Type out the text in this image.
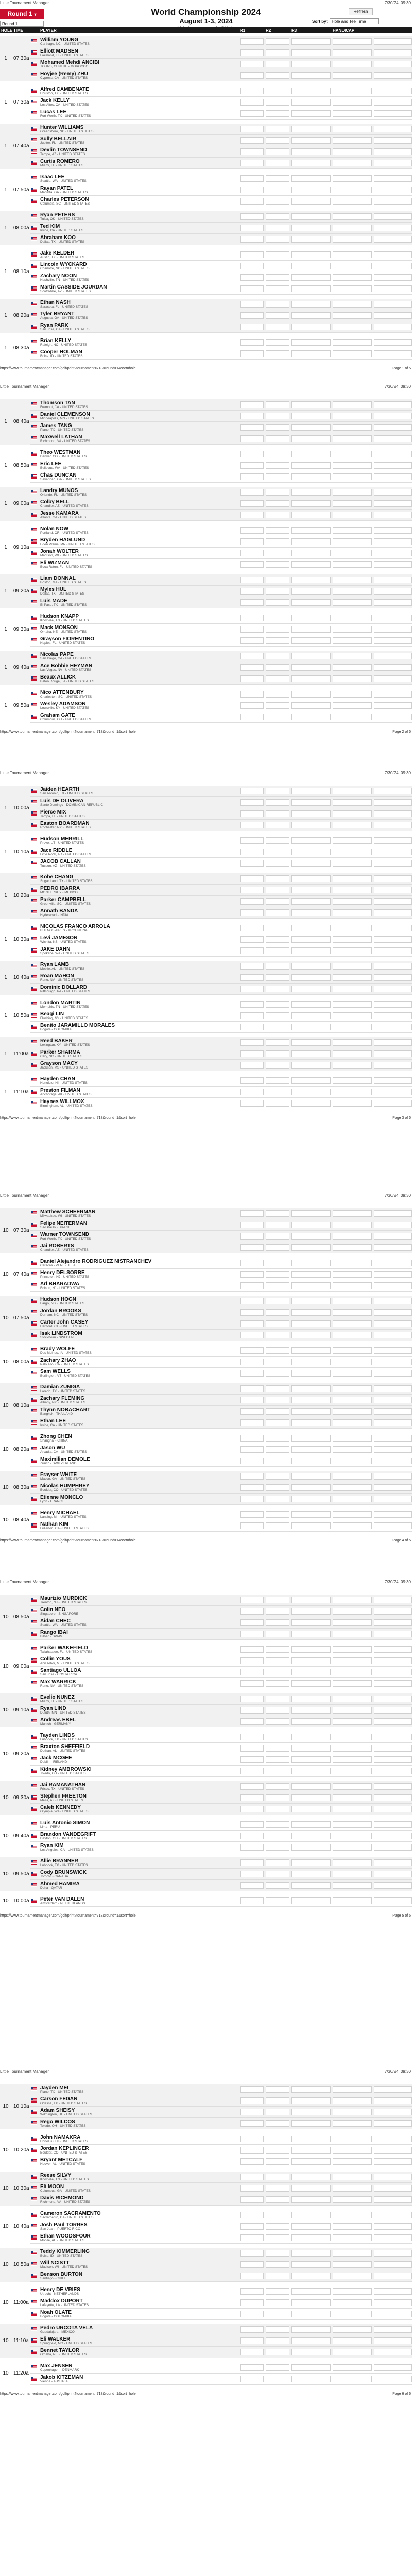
Little Tournament Manager	7/30/24, 09:30
Round 1 ▾
Round 1
World Championship 2024
August 1-3, 2024
Refresh
Sort by: Hole and Tee Time
HOLE TIME	PLAYER	R1	R2	R3	HANDICAP
1	07:30a
William YOUNG
Carthage, NC - UNITED STATES
Elliott MADSEN
Lakeland, FL - UNITED STATES
Mohamed Mehdi ANCIBI
TOURS, CENTRE - MOROCCO
Hoyjee (Remy) ZHU
Cypress, CA - UNITED STATES
1	07:30a
Alfred CAMBENATE
Houston, TX - UNITED STATES
Jack KELLY
Los Altos, CA - UNITED STATES
Lucas LEE
Fort Worth, TX - UNITED STATES
1	07:40a
Hunter WILLIAMS
Greensboro, NC - UNITED STATES
Sully BELLAIR
Jupiter, FL - UNITED STATES
Devlin TOWNSEND
Tempe, AZ - UNITED STATES
Curtis ROMERO
Miami, FL - UNITED STATES
1	07:50a
Isaac LEE
Seattle, WA - UNITED STATES
Rayan PATEL
Marietta, GA - UNITED STATES
Charles PETERSON
Columbia, SC - UNITED STATES
1	08:00a
Ryan PETERS
Tulsa, OK - UNITED STATES
Ted KIM
Irvine, CA - UNITED STATES
Abraham KOO
Dallas, TX - UNITED STATES
1	08:10a
Jake KELDER
Austin, TX - UNITED STATES
Lincoln WYCKARD
Charlotte, NC - UNITED STATES
Zachary NOON
Nashville, TN - UNITED STATES
Martin CASSIDE JOURDAN
Scottsdale, AZ - UNITED STATES
1	08:20a
Ethan NASH
Sarasota, FL - UNITED STATES
Tyler BRYANT
Augusta, GA - UNITED STATES
Ryan PARK
San Jose, CA - UNITED STATES
1	08:30a
Brian KELLY
Raleigh, NC - UNITED STATES
Cooper HOLMAN
Boise, ID - UNITED STATES
https://www.tournamentmanager.com/golf/print?tournament=718&round=1&sort=hole	Page 1 of 5
Little Tournament Manager	7/30/24, 09:30
1	08:40a
Thomson TAN
Fremont, CA - UNITED STATES
Daniel CLEMENSON
Minneapolis, MN - UNITED STATES
James TANG
Plano, TX - UNITED STATES
Maxwell LATHAN
Richmond, VA - UNITED STATES
1	08:50a
Theo WESTMAN
Denver, CO - UNITED STATES
Eric LEE
Bellevue, WA - UNITED STATES
Chas DUNCAN
Savannah, GA - UNITED STATES
1	09:00a
Landry MUNOS
Orlando, FL - UNITED STATES
Colby BELL
Chandler, AZ - UNITED STATES
Jesse KAMARA
Atlanta, GA - UNITED STATES
1	09:10a
Nolan NOW
Portland, OR - UNITED STATES
Bryden HAGLUND
Eden Prairie, MN - UNITED STATES
Jonah WOLTER
Madison, WI - UNITED STATES
Eli WIZMAN
Boca Raton, FL - UNITED STATES
1	09:20a
Liam DONNAL
Boston, MA - UNITED STATES
Myles HUL
Dallas, TX - UNITED STATES
Luis MADE
El Paso, TX - UNITED STATES
1	09:30a
Hudson KNAPP
Knoxville, TN - UNITED STATES
Mack MONSON
Omaha, NE - UNITED STATES
Grayson FIORENTINO
Naples, FL - UNITED STATES
1	09:40a
Nicolas PAPE
San Diego, CA - UNITED STATES
Ace Bobbie HEYMAN
Las Vegas, NV - UNITED STATES
Beaux ALLICK
Baton Rouge, LA - UNITED STATES
1	09:50a
Nico ATTENBURY
Charleston, SC - UNITED STATES
Wesley ADAMSON
Louisville, KY - UNITED STATES
Graham GATE
Columbus, OH - UNITED STATES
https://www.tournamentmanager.com/golf/print?tournament=718&round=1&sort=hole	Page 2 of 5
Little Tournament Manager	7/30/24, 09:30
1	10:00a
Jaiden HEARTH
San Antonio, TX - UNITED STATES
Luis DE OLIVERA
Santo Domingo - DOMINICAN REPUBLIC
Pierce MIX
Tampa, FL - UNITED STATES
Easton BOARDMAN
Rochester, NY - UNITED STATES
1	10:10a
Hudson MERRILL
Provo, UT - UNITED STATES
Jace RIDDLE
Little Rock, AR - UNITED STATES
JACOB CALLAN
Tucson, AZ - UNITED STATES
1	10:20a
Kobe CHANG
Sugar Land, TX - UNITED STATES
PEDRO IBARRA
MONTERREY - MEXICO
Parker CAMPBELL
Greenville, SC - UNITED STATES
Annath BANDA
Hyderabad - INDIA
1	10:30a
NICOLAS FRANCO ARROLA
BUENOS AIRES - ARGENTINA
Levi JAMESON
Wichita, KS - UNITED STATES
JAKE DAHN
Spokane, WA - UNITED STATES
1	10:40a
Ryan LAMB
Mobile, AL - UNITED STATES
Roan MAHON
Reno, NV - UNITED STATES
Dominic DOLLARD
Pittsburgh, PA - UNITED STATES
1	10:50a
London MARTIN
Memphis, TN - UNITED STATES
Beagi LIN
Flushing, NY - UNITED STATES
Benito JARAMILLO MORALES
Bogota - COLOMBIA
1	11:00a
Reed BAKER
Lexington, KY - UNITED STATES
Parker SHARMA
Cary, NC - UNITED STATES
Grayson MACY
Jackson, MS - UNITED STATES
1	11:10a
Hayden CHAN
Honolulu, HI - UNITED STATES
Preston FILMAN
Anchorage, AK - UNITED STATES
Haynes WILLMOX
Birmingham, AL - UNITED STATES
https://www.tournamentmanager.com/golf/print?tournament=718&round=1&sort=hole	Page 3 of 5
Little Tournament Manager	7/30/24, 09:30
10 07:30a
Matthew SCHEERMAN
Milwaukee, WI - UNITED STATES
Felipe NEITERMAN
Sao Paulo - BRAZIL
Warner TOWNSEND
Fort Worth, TX - UNITED STATES
Jai ROBERTS
Chandler, AZ - UNITED STATES
10 07:40a
Daniel Alejandro RODRIGUEZ NISTRANCHEV
Caracas - VENEZUELA
Henry DELSORBE
Princeton, NJ - UNITED STATES
Arl BHARADWA
Edison, NJ - UNITED STATES
10 07:50a
Hudson HOGN
Fargo, ND - UNITED STATES
Jordan BROOKS
Durham, NC - UNITED STATES
Carter John CASEY
Hartford, CT - UNITED STATES
Isak LINDSTROM
Stockholm - SWEDEN
10 08:00a
Brady WOLFE
Des Moines, IA - UNITED STATES
Zachary ZHAO
Palo Alto, CA - UNITED STATES
Sam WELLS
Burlington, VT - UNITED STATES
10 08:10a
Damian ZUNIGA
Laredo, TX - UNITED STATES
Zachary FLEMING
Albany, NY - UNITED STATES
Thynn NOBACHART
Bangkok - THAILAND
Ethan LEE
Irvine, CA - UNITED STATES
10 08:20a
Zhong CHEN
Shanghai - CHINA
Jason WU
Arcadia, CA - UNITED STATES
Maximilian DEMOLE
Zurich - SWITZERLAND
10 08:30a
Frayser WHITE
Macon, GA - UNITED STATES
Nicolas HUMPHREY
Boulder, CO - UNITED STATES
Etienne MONCLO
Lyon - FRANCE
10 08:40a
Henry MICHAEL
Lansing, MI - UNITED STATES
Nathan KIM
Fullerton, CA - UNITED STATES
https://www.tournamentmanager.com/golf/print?tournament=718&round=1&sort=hole	Page 4 of 5
Little Tournament Manager	7/30/24, 09:30
10 08:50a
Maurizio MURDICK
Trenton, NJ - UNITED STATES
Colin NEO
Singapore - SINGAPORE
Aidan CHEC
Seattle, WA - UNITED STATES
Rango IBAI
Bilbao - SPAIN
10 09:00a
Parker WAKEFIELD
Tallahassee, FL - UNITED STATES
Collin YOUS
Ann Arbor, MI - UNITED STATES
Santiago ULLOA
San Jose - COSTA RICA
Max WARRICK
Reno, NV - UNITED STATES
10 09:10a
Evelio NUNEZ
Miami, FL - UNITED STATES
Ryan LIND
Duluth, MN - UNITED STATES
Andreas EBEL
Munich - GERMANY
10 09:20a
Tayden LINDS
Lubbock, TX - UNITED STATES
Braxton SHEFFIELD
Dothan, AL - UNITED STATES
Jack MCGEE
Dublin - IRELAND
Kidney AMBROWSKI
Toledo, OH - UNITED STATES
10 09:30a
Jai RAMANATHAN
Frisco, TX - UNITED STATES
Stephen FREETON
Mesa, AZ - UNITED STATES
Caleb KENNEDY
Olympia, WA - UNITED STATES
10 09:40a
Luis Antonio SIMON
Lima - PERU
Brandon VANDEGRIFT
Dayton, OH - UNITED STATES
Ryan KIM
Los Angeles, CA - UNITED STATES
10 09:50a
Allie BRANNER
Lubbock, TX - UNITED STATES
Cody BRUNSWICK
Toronto - CANADA
Ahmed HAMIRA
Doha - QATAR
10 10:00a Peter VAN DALEN
Amsterdam - NETHERLANDS
https://www.tournamentmanager.com/golf/print?tournament=718&round=1&sort=hole	Page 5 of 5
Little Tournament Manager	7/30/24, 09:30
10 10:10a
Jayden MEI
Plano, TX - UNITED STATES
Carson FEGAN
Odessa, TX - UNITED STATES
Adam SHEISY
Wilmington, DE - UNITED STATES
Rego WILCOS
Toledo, OH - UNITED STATES
10 10:20a
John NAMAKRA
Honolulu, HI - UNITED STATES
Jordan KEPLINGER
Boulder, CO - UNITED STATES
Bryant METCALF
Hoover, AL - UNITED STATES
10 10:30a
Reese SILVY
Knoxville, TN - UNITED STATES
Eli MOON
Columbus, GA - UNITED STATES
Davis RICHMOND
Richmond, VA - UNITED STATES
10 10:40a
Cameron SACRAMENTO
Sacramento, CA - UNITED STATES
Josh Paul TORRES
San Juan - PUERTO RICO
Ethan WOODSFOUR
Mobile, AL - UNITED STATES
10 10:50a
Teddy KIMMERLING
Boise, ID - UNITED STATES
Will NCISTT
Madison, WI - UNITED STATES
Benson BURTON
Santiago - CHILE
10 11:00a
Henry DE VRIES
Utrecht - NETHERLANDS
Maddox DUPORT
Lafayette, LA - UNITED STATES
Noah OLATE
Bogota - COLOMBIA
10 11:10a
Pedro URCOTA VELA
Guadalajara - MEXICO
Eli WALKER
Springfield, MO - UNITED STATES
Bennet TAYLOR
Omaha, NE - UNITED STATES
10 11:20a
Max JENSEN
Copenhagen - DENMARK
Jakob KITZEMAN
Vienna - AUSTRIA
https://www.tournamentmanager.com/golf/print?tournament=718&round=1&sort=hole	Page 6 of 6
